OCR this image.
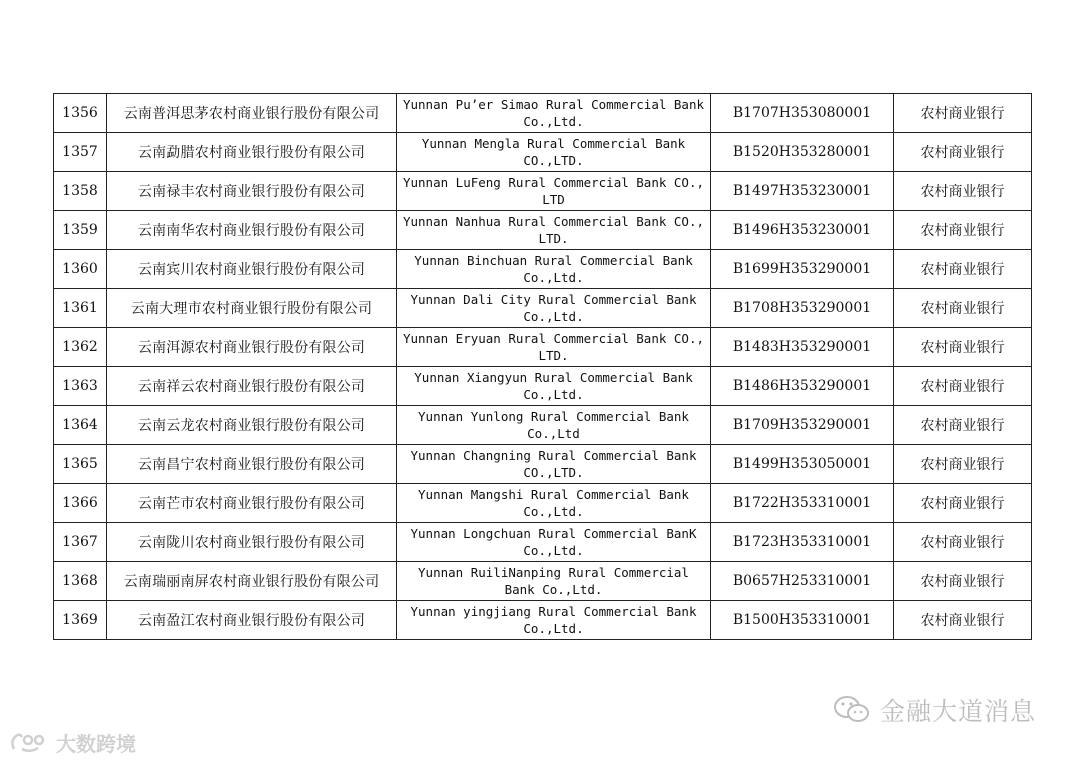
1356	云南普洱思茅农村商业银行股份有限公司	Yunnan Pu’er Simao Rural Commercial Bank Co.,Ltd.	B1707H353080001	农村商业银行
1357	云南勐腊农村商业银行股份有限公司	Yunnan Mengla Rural Commercial Bank CO.,LTD.	B1520H353280001	农村商业银行
1358	云南禄丰农村商业银行股份有限公司	Yunnan LuFeng Rural Commercial Bank CO., LTD	B1497H353230001	农村商业银行
1359	云南南华农村商业银行股份有限公司	Yunnan Nanhua Rural Commercial Bank CO., LTD.	B1496H353230001	农村商业银行
1360	云南宾川农村商业银行股份有限公司	Yunnan Binchuan Rural Commercial Bank Co.,Ltd.	B1699H353290001	农村商业银行
1361	云南大理市农村商业银行股份有限公司	Yunnan Dali City Rural Commercial Bank Co.,Ltd.	B1708H353290001	农村商业银行
1362	云南洱源农村商业银行股份有限公司	Yunnan Eryuan Rural Commercial Bank CO., LTD.	B1483H353290001	农村商业银行
1363	云南祥云农村商业银行股份有限公司	Yunnan Xiangyun Rural Commercial Bank Co.,Ltd.	B1486H353290001	农村商业银行
1364	云南云龙农村商业银行股份有限公司	Yunnan Yunlong Rural Commercial Bank Co.,Ltd	B1709H353290001	农村商业银行
1365	云南昌宁农村商业银行股份有限公司	Yunnan Changning Rural Commercial Bank CO.,LTD.	B1499H353050001	农村商业银行
1366	云南芒市农村商业银行股份有限公司	Yunnan Mangshi Rural Commercial Bank Co.,Ltd.	B1722H353310001	农村商业银行
1367	云南陇川农村商业银行股份有限公司	Yunnan Longchuan Rural Commercial BanK Co.,Ltd.	B1723H353310001	农村商业银行
1368	云南瑞丽南屏农村商业银行股份有限公司	Yunnan RuiliNanping Rural Commercial Bank Co.,Ltd.	B0657H253310001	农村商业银行
1369	云南盈江农村商业银行股份有限公司	Yunnan yingjiang Rural Commercial Bank Co.,Ltd.	B1500H353310001	农村商业银行
大数跨境
金融大道消息
